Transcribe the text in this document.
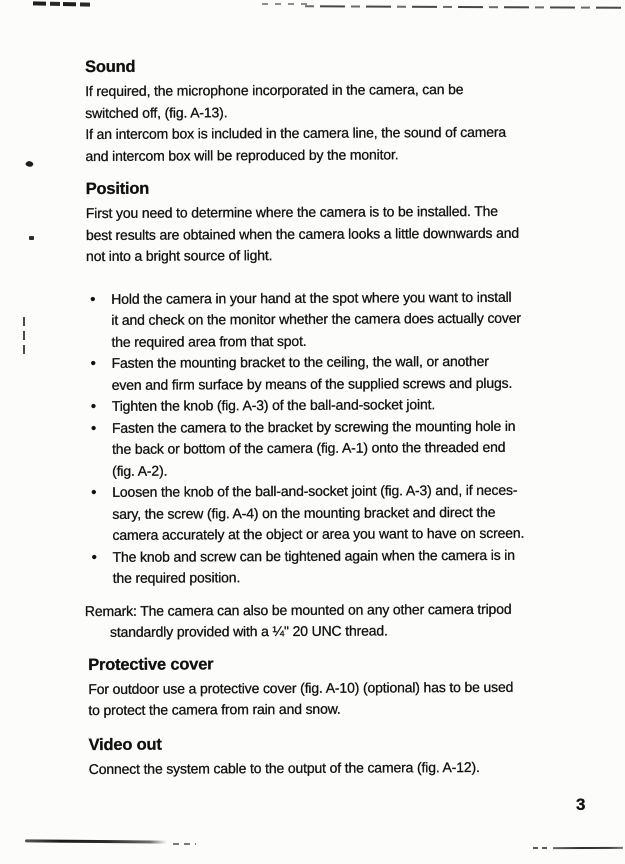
Sound

If required, the microphone incorporated in the camera, can be
switched off, (fig. A-13).
If an intercom box is included in the camera line, the sound of camera
and intercom box will be reproduced by the monitor.

Position

First you need to determine where the camera is to be installed. The
best results are obtained when the camera looks a little downwards and
not into a bright source of light.

•	Hold the camera in your hand at the spot where you want to install
it and check on the monitor whether the camera does actually cover
the required area from that spot.
•	Fasten the mounting bracket to the ceiling, the wall, or another
even and firm surface by means of the supplied screws and plugs.
•	Tighten the knob (fig. A-3) of the ball-and-socket joint.
•	Fasten the camera to the bracket by screwing the mounting hole in
the back or bottom of the camera (fig. A-1) onto the threaded end
(fig. A-2).
•	Loosen the knob of the ball-and-socket joint (fig. A-3) and, if neces-
sary, the screw (fig. A-4) on the mounting bracket and direct the
camera accurately at the object or area you want to have on screen.
•	The knob and screw can be tightened again when the camera is in
the required position.
Remark: The camera can also be mounted on any other camera tripod
standardly provided with a ¼" 20 UNC thread.
Protective cover

For outdoor use a protective cover (fig. A-10) (optional) has to be used
to protect the camera from rain and snow.

Video out

Connect the system cable to the output of the camera (fig. A-12).

3
